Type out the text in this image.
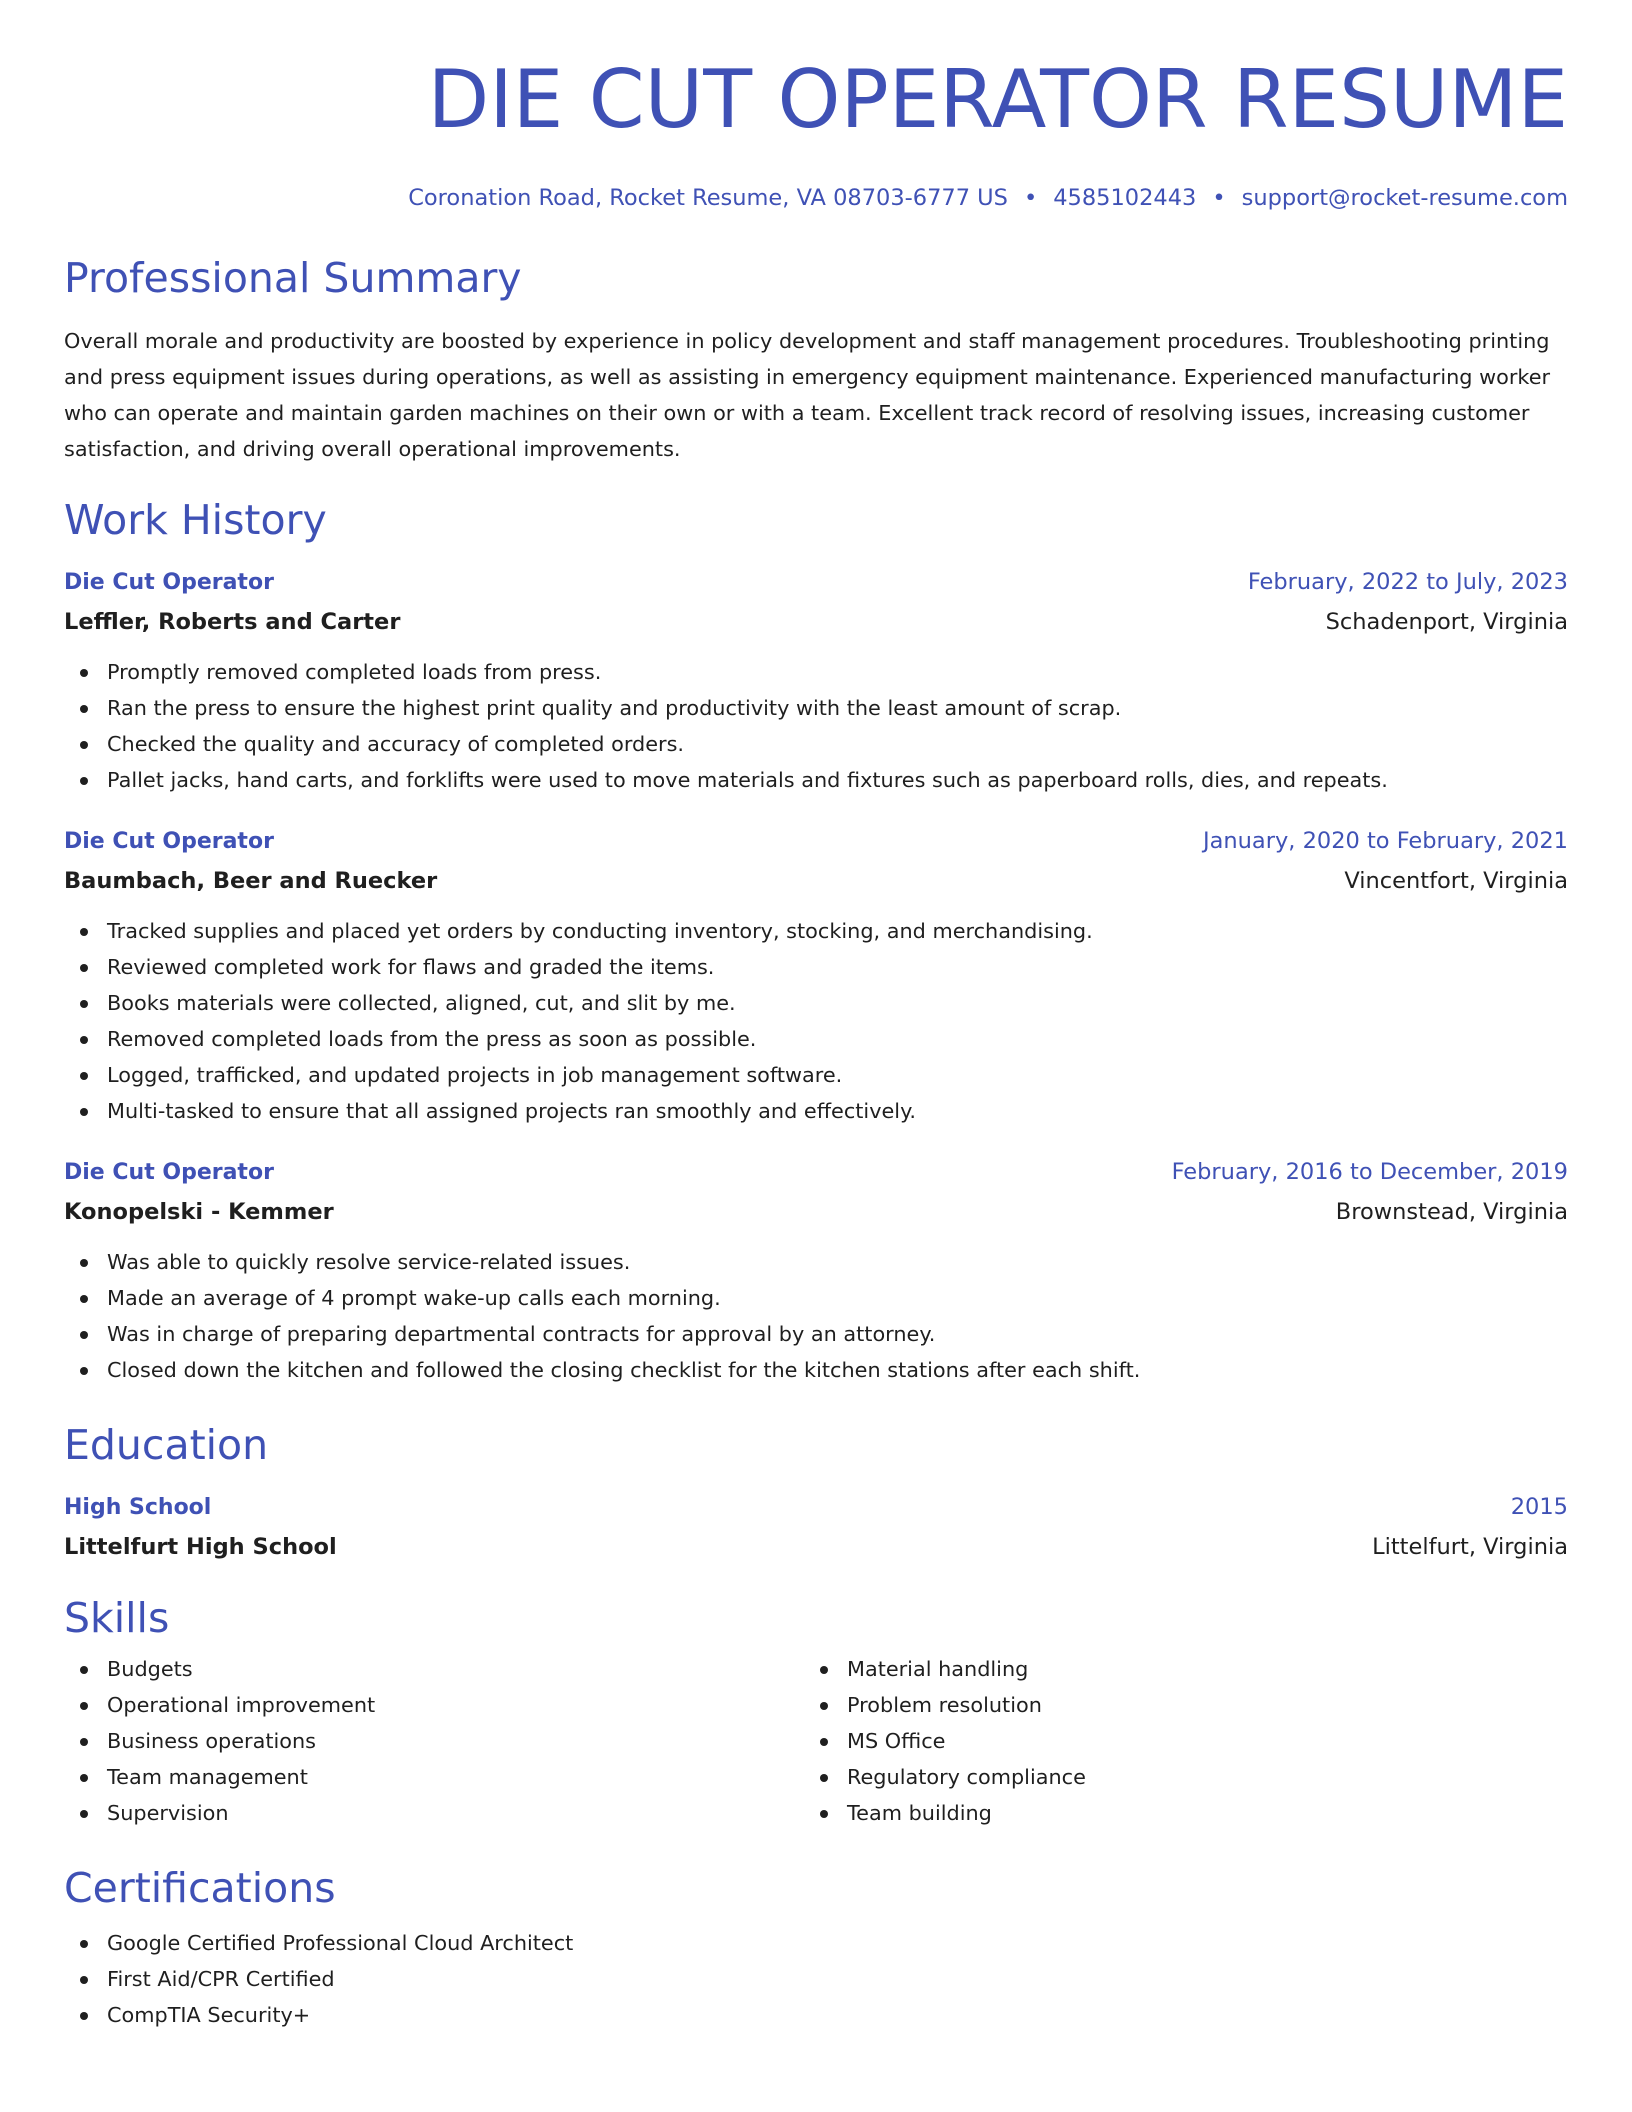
DIE CUT OPERATOR RESUME
Coronation Road, Rocket Resume, VA 08703-6777 US • 4585102443 • support@rocket-resume.com
Professional Summary
Overall morale and productivity are boosted by experience in policy development and staff management procedures. Troubleshooting printing and press equipment issues during operations, as well as assisting in emergency equipment maintenance. Experienced manufacturing worker who can operate and maintain garden machines on their own or with a team. Excellent track record of resolving issues, increasing customer satisfaction, and driving overall operational improvements.
Work History
Die Cut Operator	February, 2022 to July, 2023
Leffler, Roberts and Carter	Schadenport, Virginia
Promptly removed completed loads from press.
Ran the press to ensure the highest print quality and productivity with the least amount of scrap.
Checked the quality and accuracy of completed orders.
Pallet jacks, hand carts, and forklifts were used to move materials and fixtures such as paperboard rolls, dies, and repeats.
Die Cut Operator	January, 2020 to February, 2021
Baumbach, Beer and Ruecker	Vincentfort, Virginia
Tracked supplies and placed yet orders by conducting inventory, stocking, and merchandising.
Reviewed completed work for flaws and graded the items.
Books materials were collected, aligned, cut, and slit by me.
Removed completed loads from the press as soon as possible.
Logged, trafficked, and updated projects in job management software.
Multi-tasked to ensure that all assigned projects ran smoothly and effectively.
Die Cut Operator	February, 2016 to December, 2019
Konopelski - Kemmer	Brownstead, Virginia
Was able to quickly resolve service-related issues.
Made an average of 4 prompt wake-up calls each morning.
Was in charge of preparing departmental contracts for approval by an attorney.
Closed down the kitchen and followed the closing checklist for the kitchen stations after each shift.
Education
High School	2015
Littelfurt High School	Littelfurt, Virginia
Skills
Budgets
Operational improvement
Business operations
Team management
Supervision
Material handling
Problem resolution
MS Office
Regulatory compliance
Team building
Certifications
Google Certified Professional Cloud Architect
First Aid/CPR Certified
CompTIA Security+
